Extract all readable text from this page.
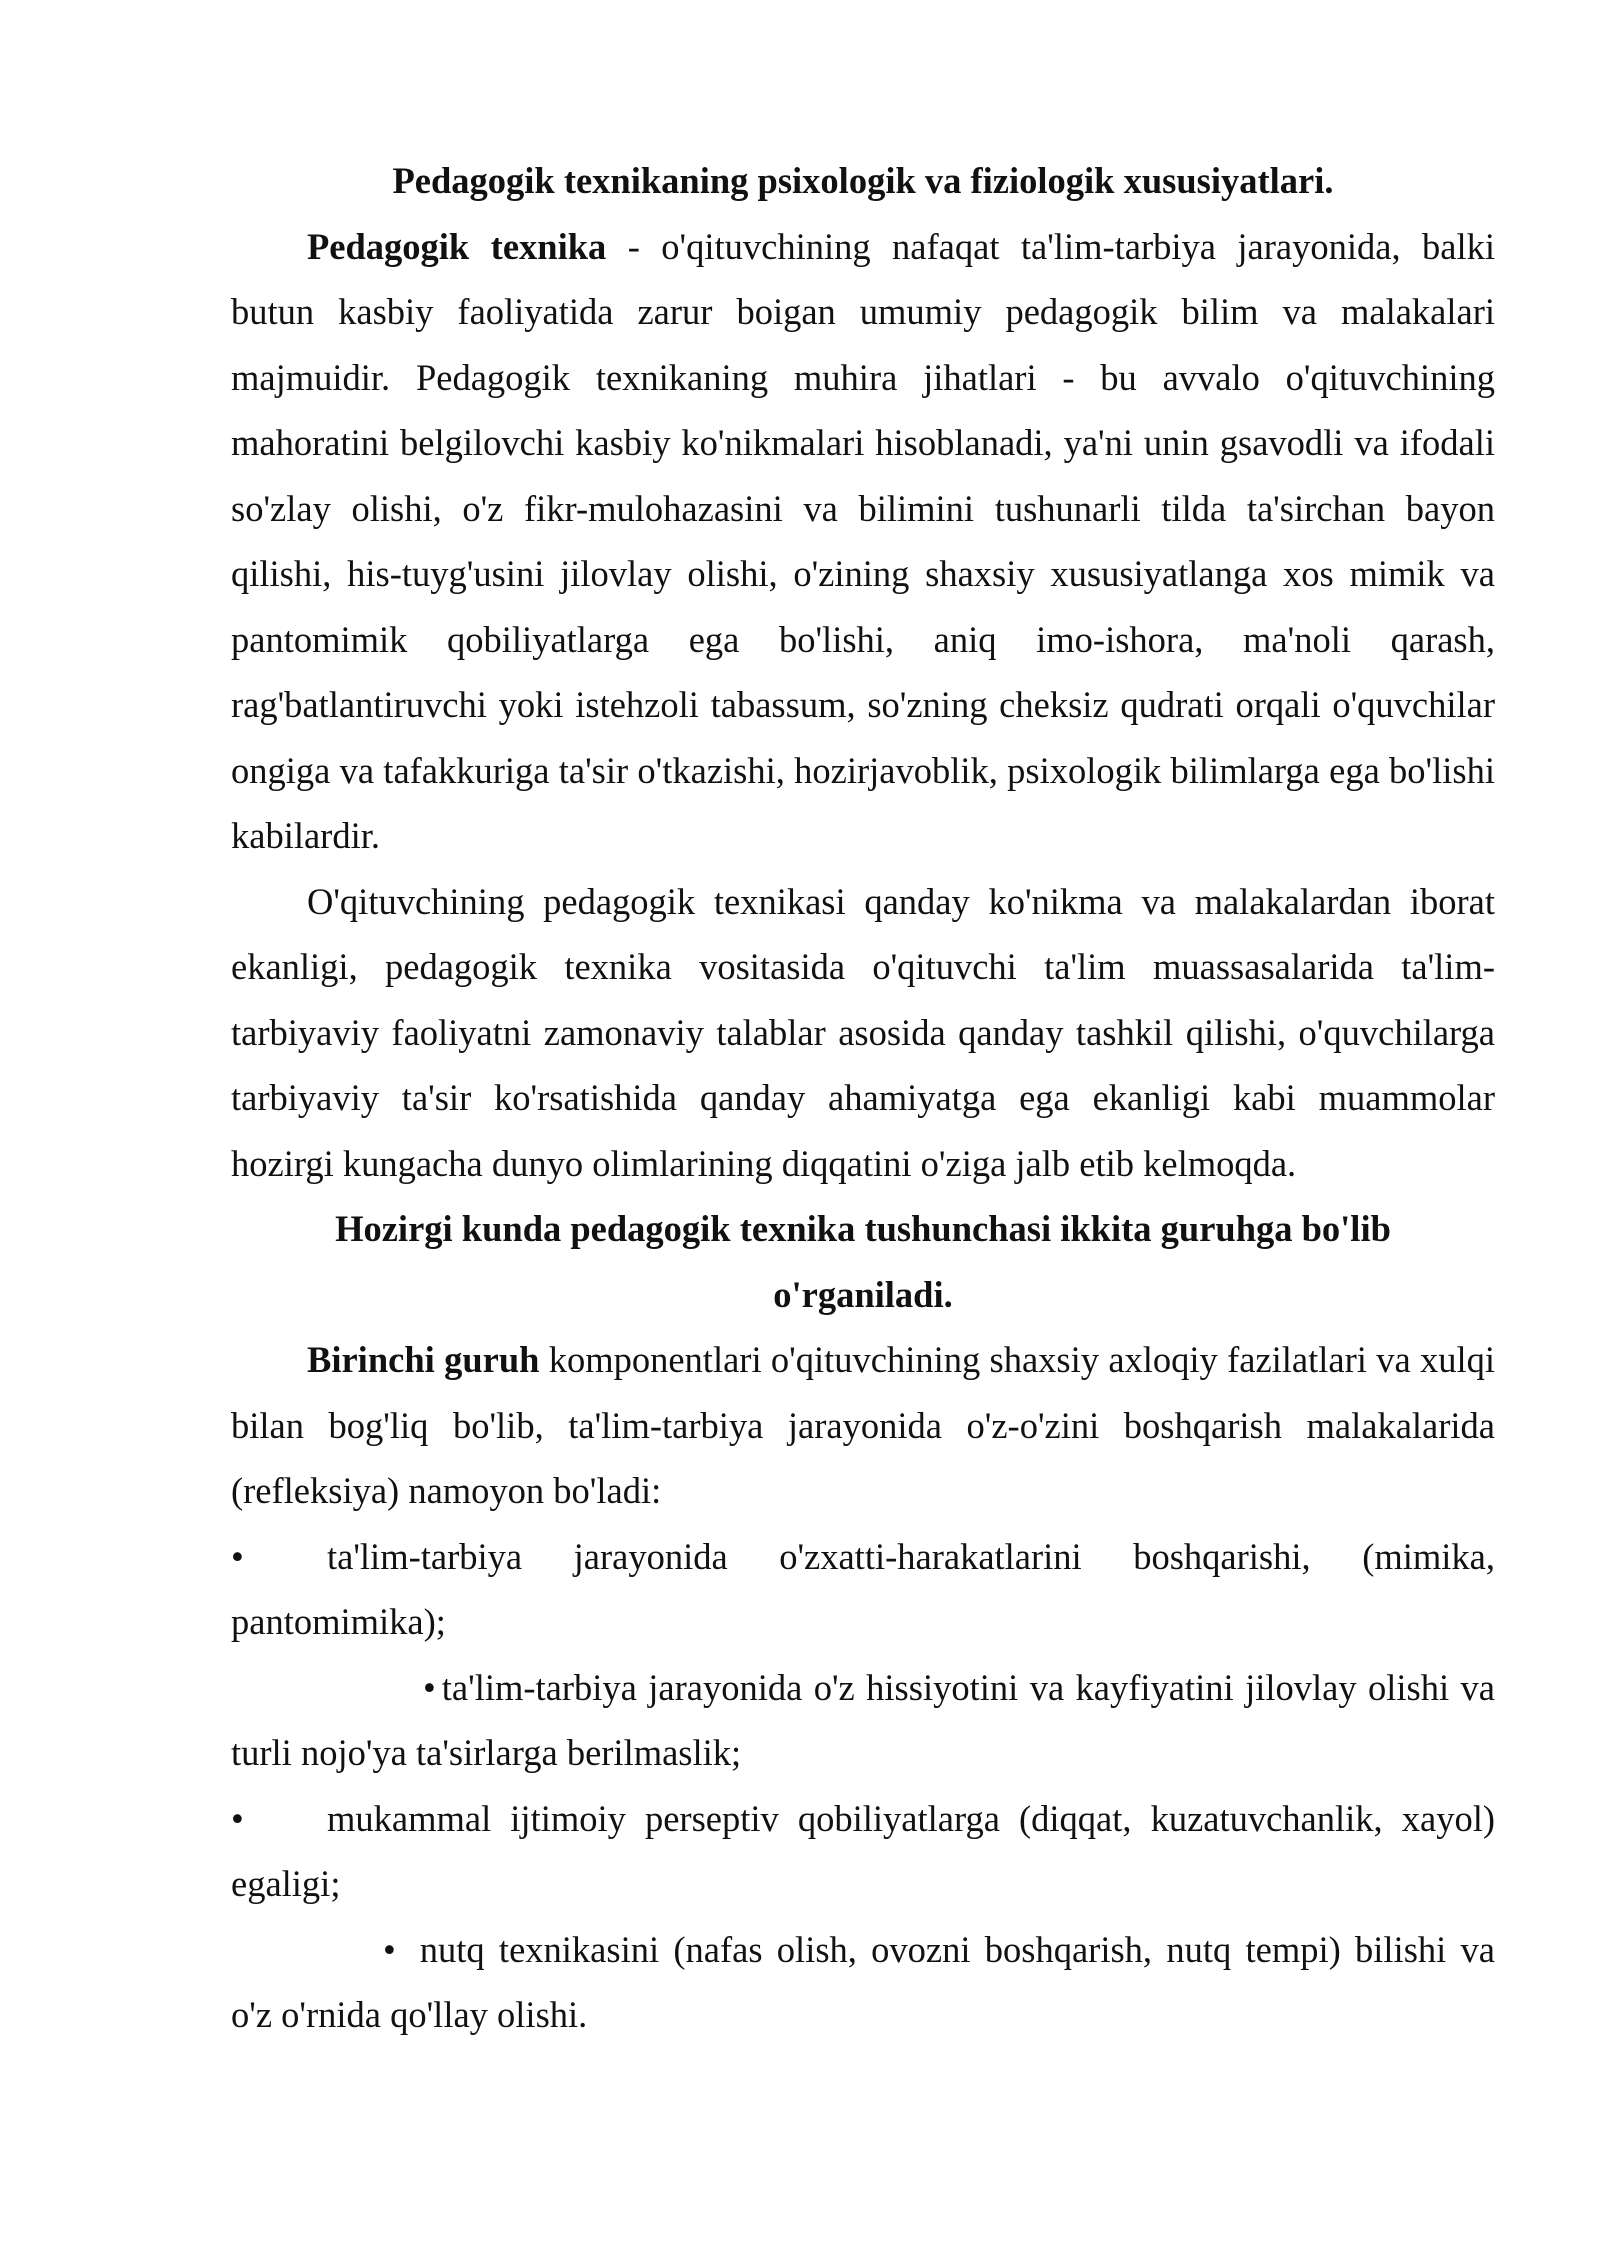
Pedagogik texnikaning psixologik va fiziologik xususiyatlari.

Pedagogik texnika - o'qituvchining nafaqat ta'lim-tarbiya jarayonida, balki butun kasbiy faoliyatida zarur boigan umumiy pedagogik bilim va malakalari majmuidir. Pedagogik texnikaning muhira jihatlari - bu avvalo o'qituvchining mahoratini belgilovchi kasbiy ko'nikmalari hisoblanadi, ya'ni unin gsavodli va ifodali so'zlay olishi, o'z fikr-mulohazasini va bilimini tushunarli tilda ta'sirchan bayon qilishi, his-tuyg'usini jilovlay olishi, o'zining shaxsiy xususiyatlanga xos mimik va pantomimik qobiliyatlarga ega bo'lishi, aniq imo-ishora, ma'noli qarash, rag'batlantiruvchi yoki istehzoli tabassum, so'zning cheksiz qudrati orqali o'quvchilar ongiga va tafakkuriga ta'sir o'tkazishi, hozirjavoblik, psixologik bilimlarga ega bo'lishi kabilardir.

O'qituvchining pedagogik texnikasi qanday ko'nikma va malakalardan iborat ekanligi, pedagogik texnika vositasida o'qituvchi ta'lim muassasalarida ta'lim-tarbiyaviy faoliyatni zamonaviy talablar asosida qanday tashkil qilishi, o'quvchilarga tarbiyaviy ta'sir ko'rsatishida qanday ahamiyatga ega ekanligi kabi muammolar hozirgi kungacha dunyo olimlarining diqqatini o'ziga jalb etib kelmoqda.

Hozirgi kunda pedagogik texnika tushunchasi ikkita guruhga bo'lib o'rganiladi.

Birinchi guruh komponentlari o'qituvchining shaxsiy axloqiy fazilatlari va xulqi bilan bog'liq bo'lib, ta'lim-tarbiya jarayonida o'z-o'zini boshqarish malakalarida (refleksiya) namoyon bo'ladi:

• ta'lim-tarbiya jarayonida o'zxatti-harakatlarini boshqarishi, (mimika, pantomimika);

• ta'lim-tarbiya jarayonida o'z hissiyotini va kayfiyatini jilovlay olishi va turli nojo'ya ta'sirlarga berilmaslik;

• mukammal ijtimoiy perseptiv qobiliyatlarga (diqqat, kuzatuvchanlik, xayol) egaligi;

• nutq texnikasini (nafas olish, ovozni boshqarish, nutq tempi) bilishi va o'z o'rnida qo'llay olishi.
